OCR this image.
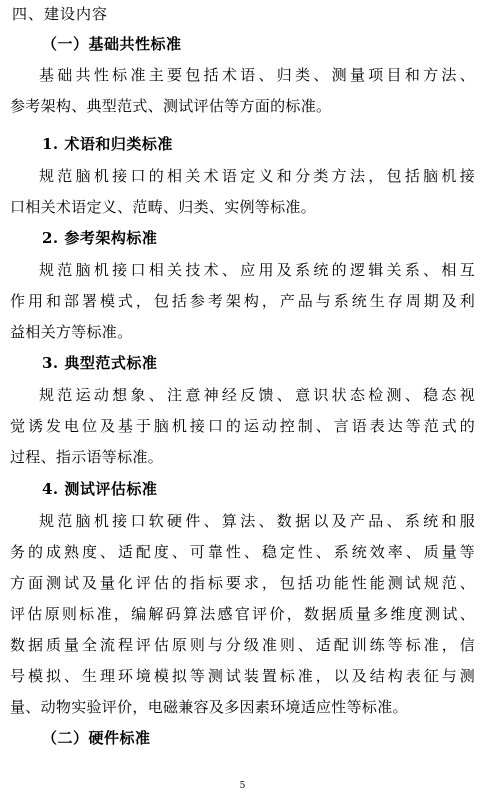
四、建设内容
（一）基础共性标准
基础共性标准主要包括术语、归类、测量项目和方法、
参考架构、典型范式、测试评估等方面的标准。
1. 术语和归类标准
规范脑机接口的相关术语定义和分类方法，包括脑机接
口相关术语定义、范畴、归类、实例等标准。
2. 参考架构标准
规范脑机接口相关技术、应用及系统的逻辑关系、相互
作用和部署模式，包括参考架构，产品与系统生存周期及利
益相关方等标准。
3. 典型范式标准
规范运动想象、注意神经反馈、意识状态检测、稳态视
觉诱发电位及基于脑机接口的运动控制、言语表达等范式的
过程、指示语等标准。
4. 测试评估标准
规范脑机接口软硬件、算法、数据以及产品、系统和服
务的成熟度、适配度、可靠性、稳定性、系统效率、质量等
方面测试及量化评估的指标要求，包括功能性能测试规范、
评估原则标准，编解码算法感官评价，数据质量多维度测试、
数据质量全流程评估原则与分级准则、适配训练等标准，信
号模拟、生理环境模拟等测试装置标准，以及结构表征与测
量、动物实验评价，电磁兼容及多因素环境适应性等标准。
（二）硬件标准
5
